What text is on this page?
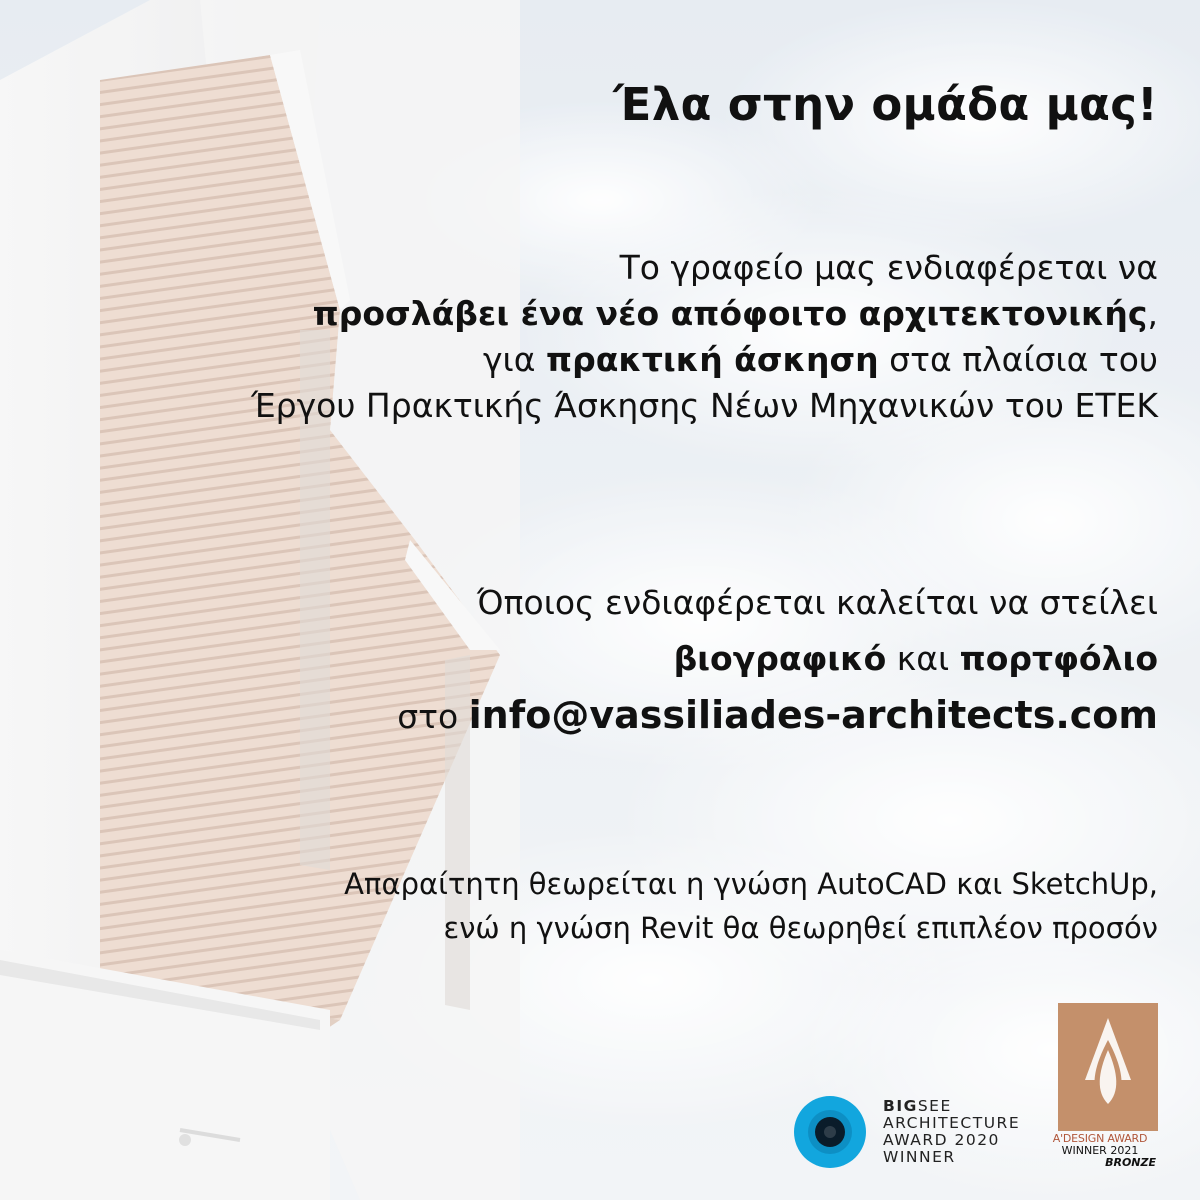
Έλα στην ομάδα μας!
Το γραφείο μας ενδιαφέρεται να
προσλάβει ένα νέο απόφοιτο αρχιτεκτονικής,
για πρακτική άσκηση στα πλαίσια του
Έργου Πρακτικής Άσκησης Νέων Μηχανικών του ΕΤΕΚ
Όποιος ενδιαφέρεται καλείται να στείλει
βιογραφικό και πορτφόλιο
στο info@vassiliades-architects.com
Απαραίτητη θεωρείται η γνώση AutoCAD και SketchUp,
ενώ η γνώση Revit θα θεωρηθεί επιπλέον προσόν
BIGSEE
ARCHITECTURE
AWARD 2020
WINNER
A'DESIGN AWARD
WINNER 2021
BRONZE
